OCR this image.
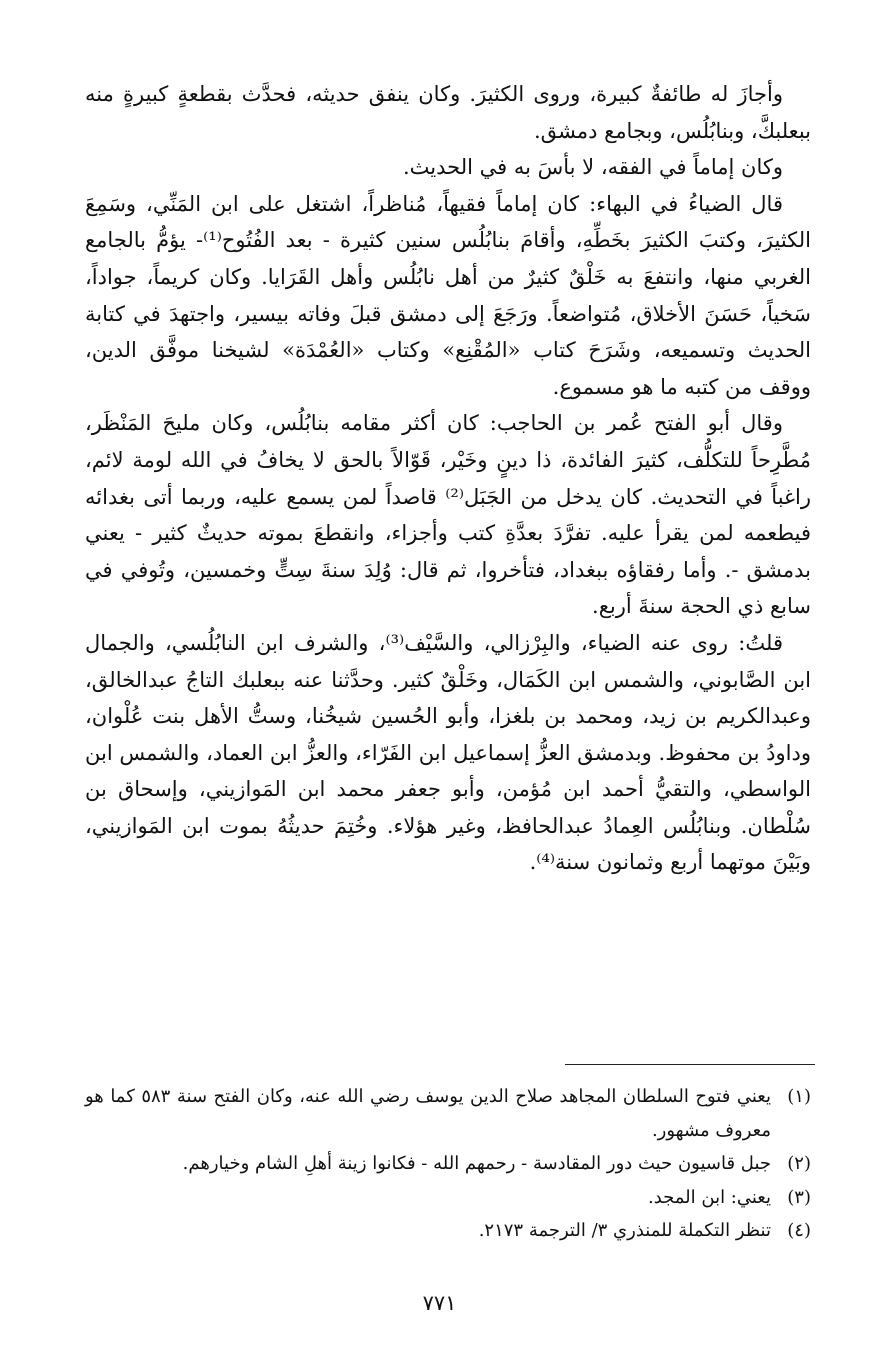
وأجازَ له طائفةٌ كبيرة، وروى الكثيرَ. وكان ينفق حديثه، فحدَّث بقطعةٍ كبيرةٍ منه ببعلبكَّ، وبنابُلُس، وبجامع دمشق.

وكان إماماً في الفقه، لا بأسَ به في الحديث.

قال الضياءُ في البهاء: كان إماماً فقيهاً، مُناظراً، اشتغل على ابن المَنِّي، وسَمِعَ الكثيرَ، وكتبَ الكثيرَ بخَطِّهِ، وأقامَ بنابُلُس سنين كثيرة - بعد الفُتُوح⁽¹⁾- يؤمُّ بالجامع الغربي منها، وانتفعَ به خَلْقٌ كثيرٌ من أهل نابُلُس وأهل القَرَايا. وكان كريماً، جواداً، سَخياً، حَسَنَ الأخلاق، مُتواضعاً. ورَجَعَ إلى دمشق قبلَ وفاته بيسير، واجتهدَ في كتابة الحديث وتسميعه، وشَرَحَ كتاب «المُقْنِع» وكتاب «العُمْدَة» لشيخنا موفَّق الدين، ووقف من كتبه ما هو مسموع.

وقال أبو الفتح عُمر بن الحاجب: كان أكثر مقامه بنابُلُس، وكان مليحَ المَنْظَر، مُطَّرِحاً للتكلُّف، كثيرَ الفائدة، ذا دينٍ وخَيْر، قَوّالاً بالحق لا يخافُ في الله لومة لائم، راغباً في التحديث. كان يدخل من الجَبَل⁽²⁾ قاصداً لمن يسمع عليه، وربما أتى بغدائه فيطعمه لمن يقرأ عليه. تفرَّدَ بعدَّةِ كتب وأجزاء، وانقطعَ بموته حديثٌ كثير - يعني بدمشق -. وأما رفقاؤه ببغداد، فتأخروا، ثم قال: وُلِدَ سنةَ سِتٍّ وخمسين، وتُوفي في سابع ذي الحجة سنةَ أربع.

قلتُ: روى عنه الضياء، والبِرْزالي، والسَّيْف⁽³⁾، والشرف ابن النابُلُسي، والجمال ابن الصَّابوني، والشمس ابن الكَمَال، وخَلْقٌ كثير. وحدَّثنا عنه ببعلبك التاجُ عبدالخالق، وعبدالكريم بن زيد، ومحمد بن بلغزا، وأبو الحُسين شيخُنا، وستُّ الأهل بنت عُلْوان، وداودُ بن محفوظ. وبدمشق العزُّ إسماعيل ابن الفَرّاء، والعزُّ ابن العماد، والشمس ابن الواسطي، والتقيُّ أحمد ابن مُؤمن، وأبو جعفر محمد ابن المَوازيني، وإسحاق بن سُلْطان. وبنابُلُس العِمادُ عبدالحافظ، وغير هؤلاء. وخُتِمَ حديثُهُ بموت ابن المَوازيني، وبَيْنَ موتهما أربع وثمانون سنة⁽⁴⁾.

(١)
يعني فتوح السلطان المجاهد صلاح الدين يوسف رضي الله عنه، وكان الفتح سنة ٥٨٣ كما هو معروف مشهور.
(٢)
جبل قاسيون حيث دور المقادسة - رحمهم الله - فكانوا زينة أهلِ الشام وخيارهم.
(٣)
يعني: ابن المجد.
(٤)
تنظر التكملة للمنذري ٣/ الترجمة ٢١٧٣.
٧٧١
